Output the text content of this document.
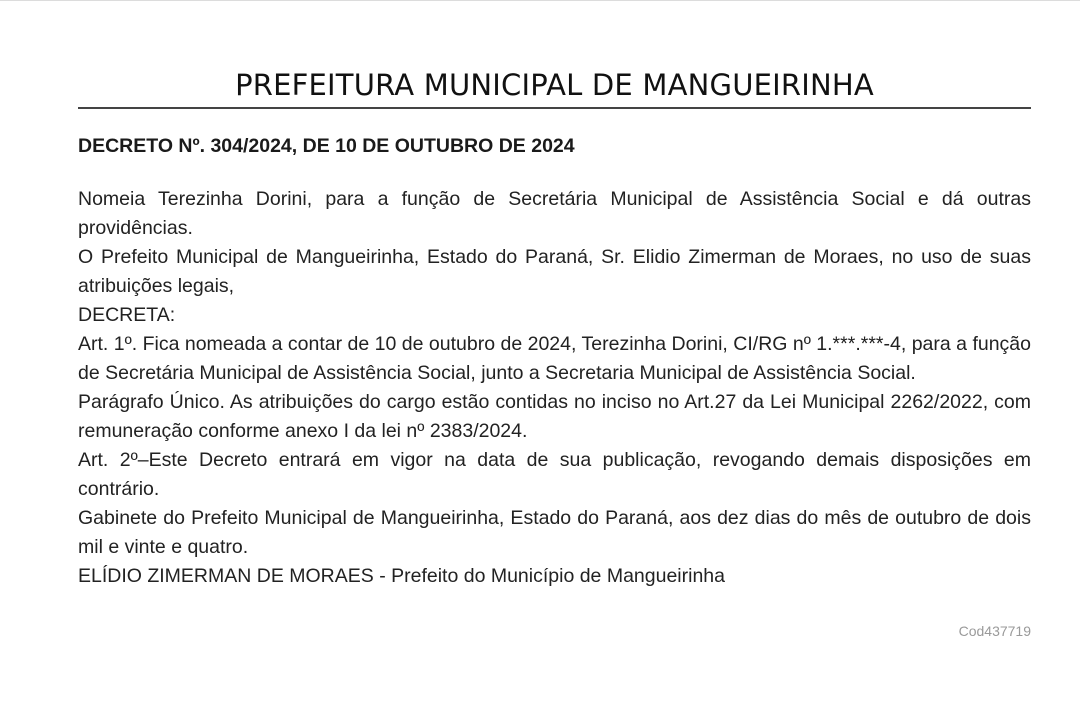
PREFEITURA MUNICIPAL DE MANGUEIRINHA
DECRETO Nº. 304/2024, DE 10 DE OUTUBRO DE 2024

Nomeia Terezinha Dorini, para a função de Secretária Municipal de Assistência Social e dá outras providências.

O Prefeito Municipal de Mangueirinha, Estado do Paraná, Sr. Elidio Zimerman de Moraes, no uso de suas atribuições legais,

DECRETA:

Art. 1º. Fica nomeada a contar de 10 de outubro de 2024, Terezinha Dorini, CI/RG nº 1.***.***-4, para a função de Secretária Municipal de Assistência Social, junto a Secretaria Municipal de Assistência Social.

Parágrafo Único. As atribuições do cargo estão contidas no inciso no Art.27 da Lei Municipal 2262/2022, com remuneração conforme anexo I da lei nº 2383/2024.

Art. 2º–Este Decreto entrará em vigor na data de sua publicação, revogando demais disposições em contrário.

Gabinete do Prefeito Municipal de Mangueirinha, Estado do Paraná, aos dez dias do mês de outubro de dois mil e vinte e quatro.

ELÍDIO ZIMERMAN DE MORAES - Prefeito do Município de Mangueirinha

Cod437719
